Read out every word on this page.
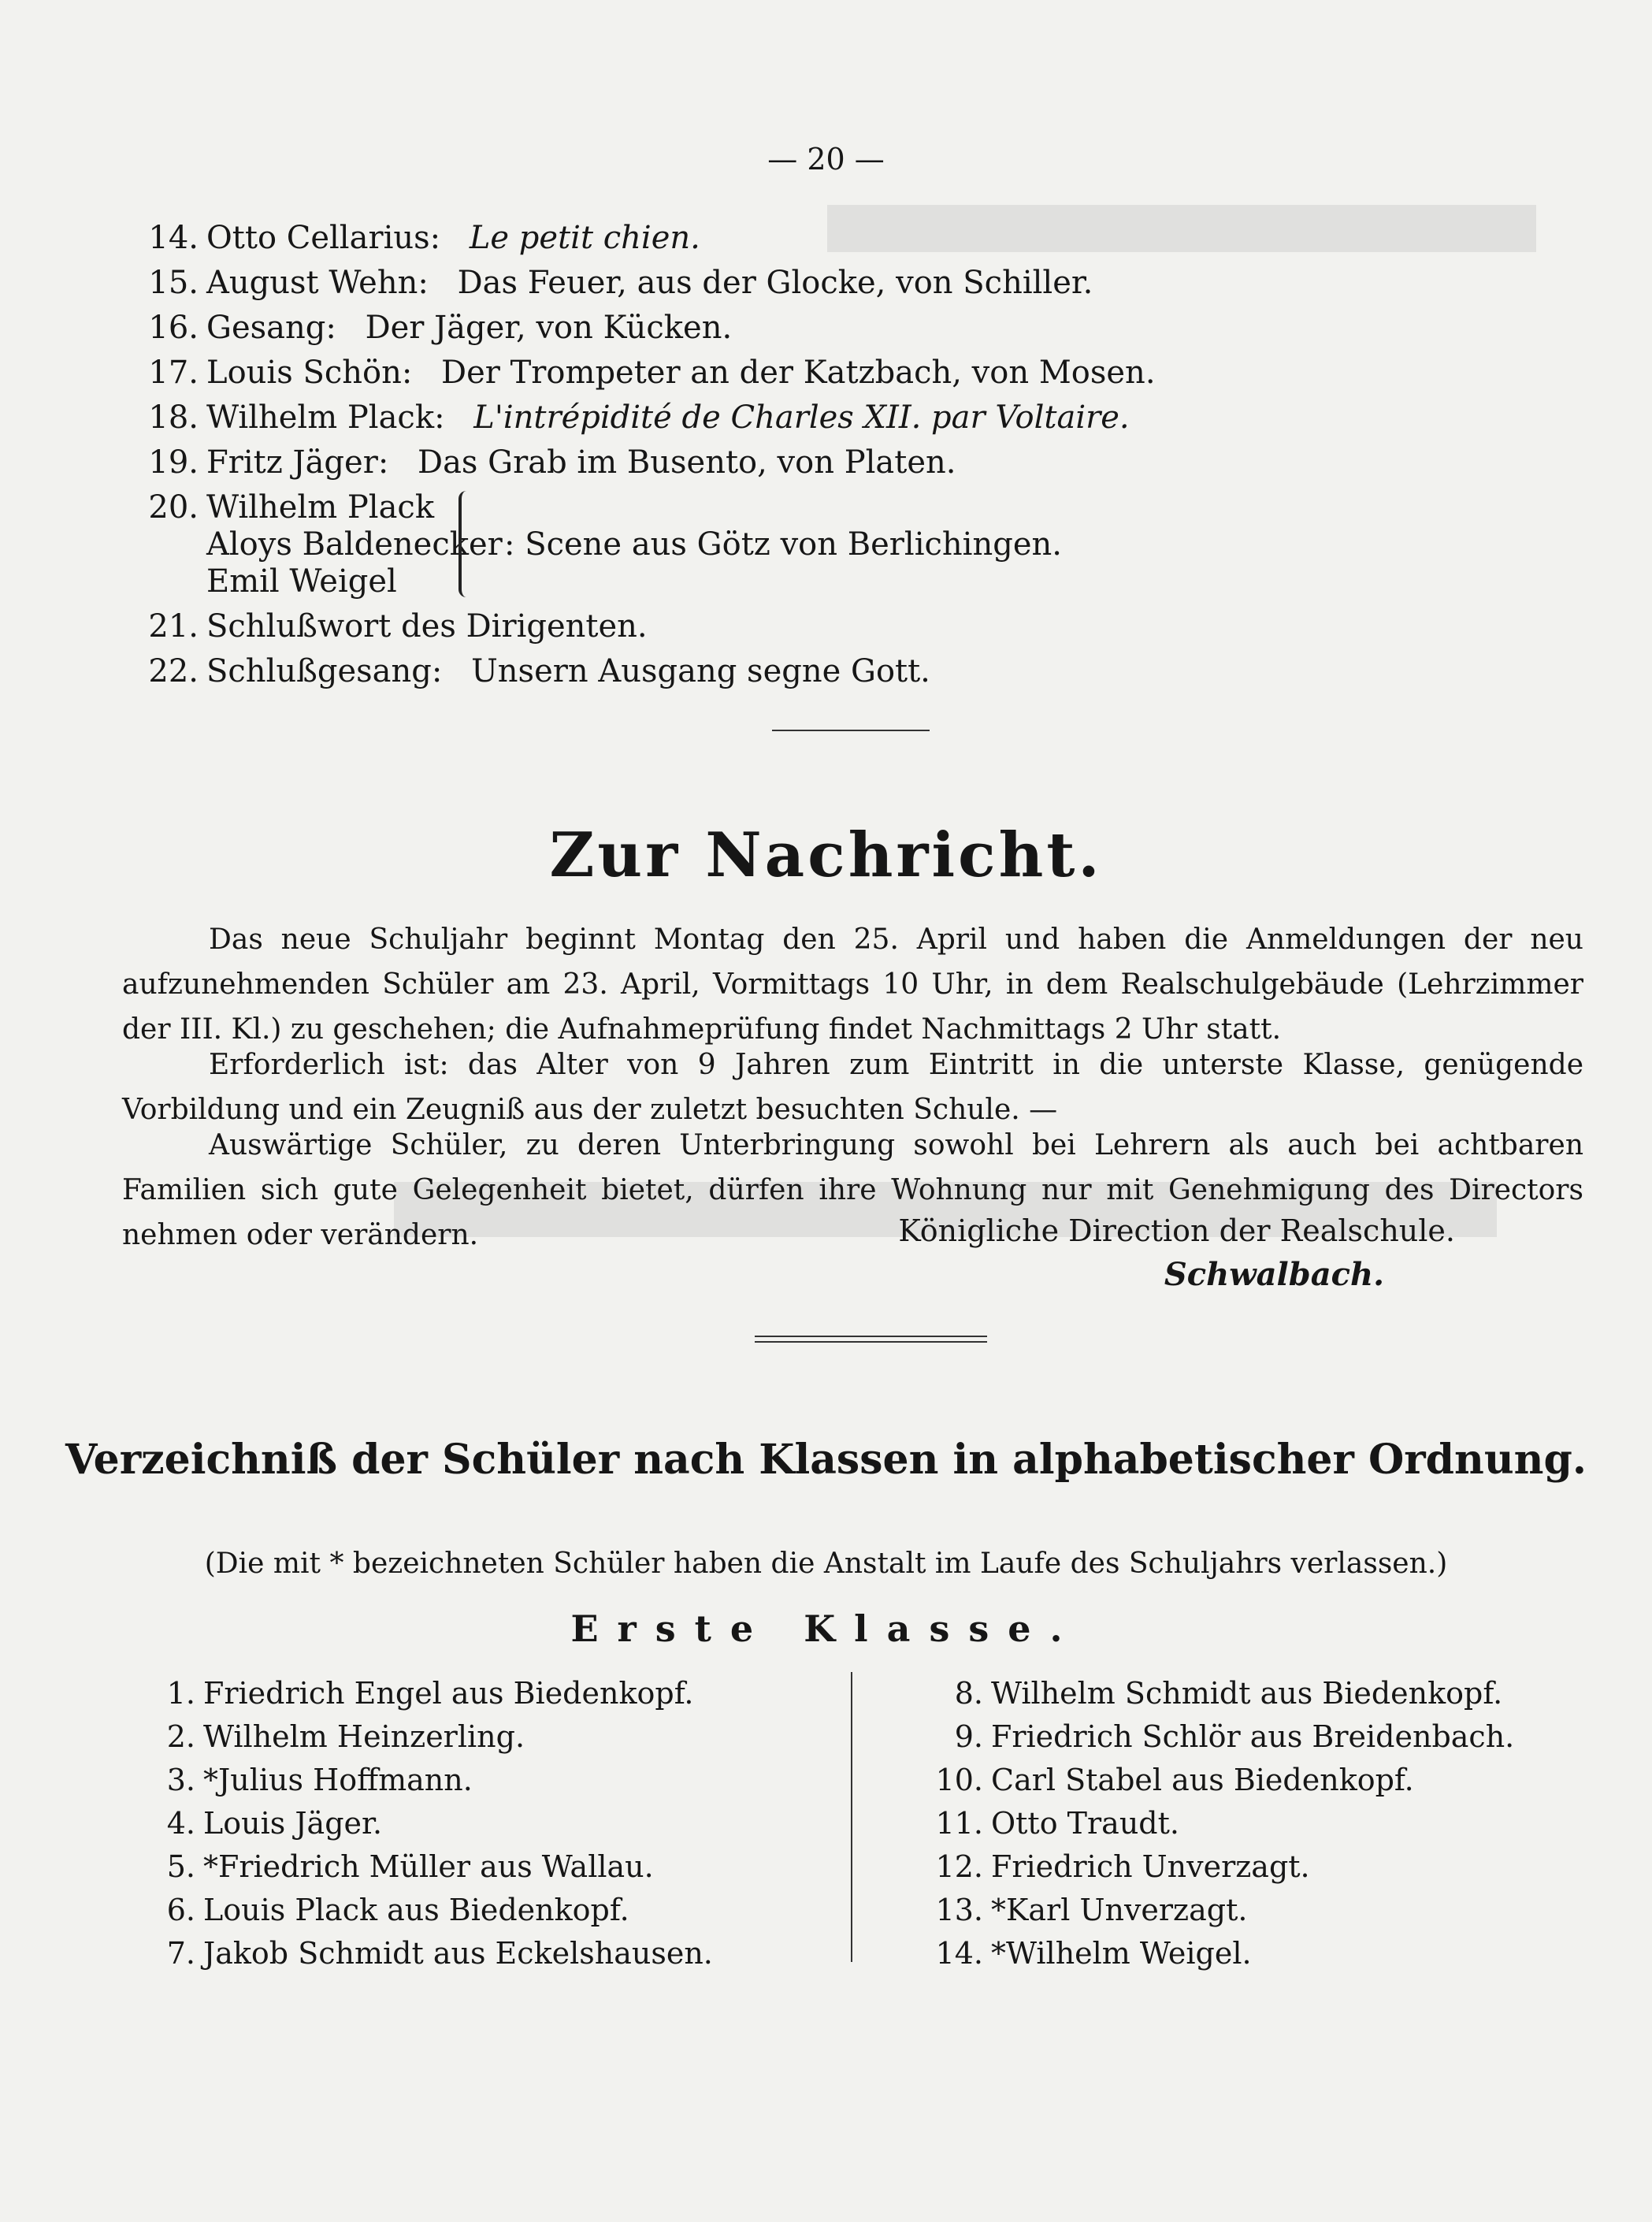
— 20 —
14. Otto Cellarius: Le petit chien.
15. August Wehn: Das Feuer, aus der Glocke, von Schiller.
16. Gesang: Der Jäger, von Kücken.
17. Louis Schön: Der Trompeter an der Katzbach, von Mosen.
18. Wilhelm Plack: L'intrépidité de Charles XII. par Voltaire.
19. Fritz Jäger: Das Grab im Busento, von Platen.
20. Wilhelm Plack
Aloys Baldenecker
Emil Weigel
: Scene aus Götz von Berlichingen.
21. Schlußwort des Dirigenten.
22. Schlußgesang: Unsern Ausgang segne Gott.
Zur Nachricht.

Das neue Schuljahr beginnt Montag den 25. April und haben die Anmeldungen der neu aufzunehmenden Schüler am 23. April, Vormittags 10 Uhr, in dem Realschulgebäude (Lehrzimmer der III. Kl.) zu geschehen; die Aufnahmeprüfung findet Nachmittags 2 Uhr statt.

Erforderlich ist: das Alter von 9 Jahren zum Eintritt in die unterste Klasse, genügende Vorbildung und ein Zeugniß aus der zuletzt besuchten Schule. —

Auswärtige Schüler, zu deren Unterbringung sowohl bei Lehrern als auch bei achtbaren Familien sich gute Gelegenheit bietet, dürfen ihre Wohnung nur mit Genehmigung des Directors nehmen oder verändern.	Königliche Direction der Realschule.
Schwalbach.
Verzeichniß der Schüler nach Klassen in alphabetischer Ordnung.
(Die mit * bezeichneten Schüler haben die Anstalt im Laufe des Schuljahrs verlassen.)
Erste Klasse.
1. Friedrich Engel aus Biedenkopf.
2. Wilhelm Heinzerling.
3. *Julius Hoffmann.
4. Louis Jäger.
5. *Friedrich Müller aus Wallau.
6. Louis Plack aus Biedenkopf.
7. Jakob Schmidt aus Eckelshausen.
8. Wilhelm Schmidt aus Biedenkopf.
9. Friedrich Schlör aus Breidenbach.
10. Carl Stabel aus Biedenkopf.
11. Otto Traudt.
12. Friedrich Unverzagt.
13. *Karl Unverzagt.
14. *Wilhelm Weigel.
